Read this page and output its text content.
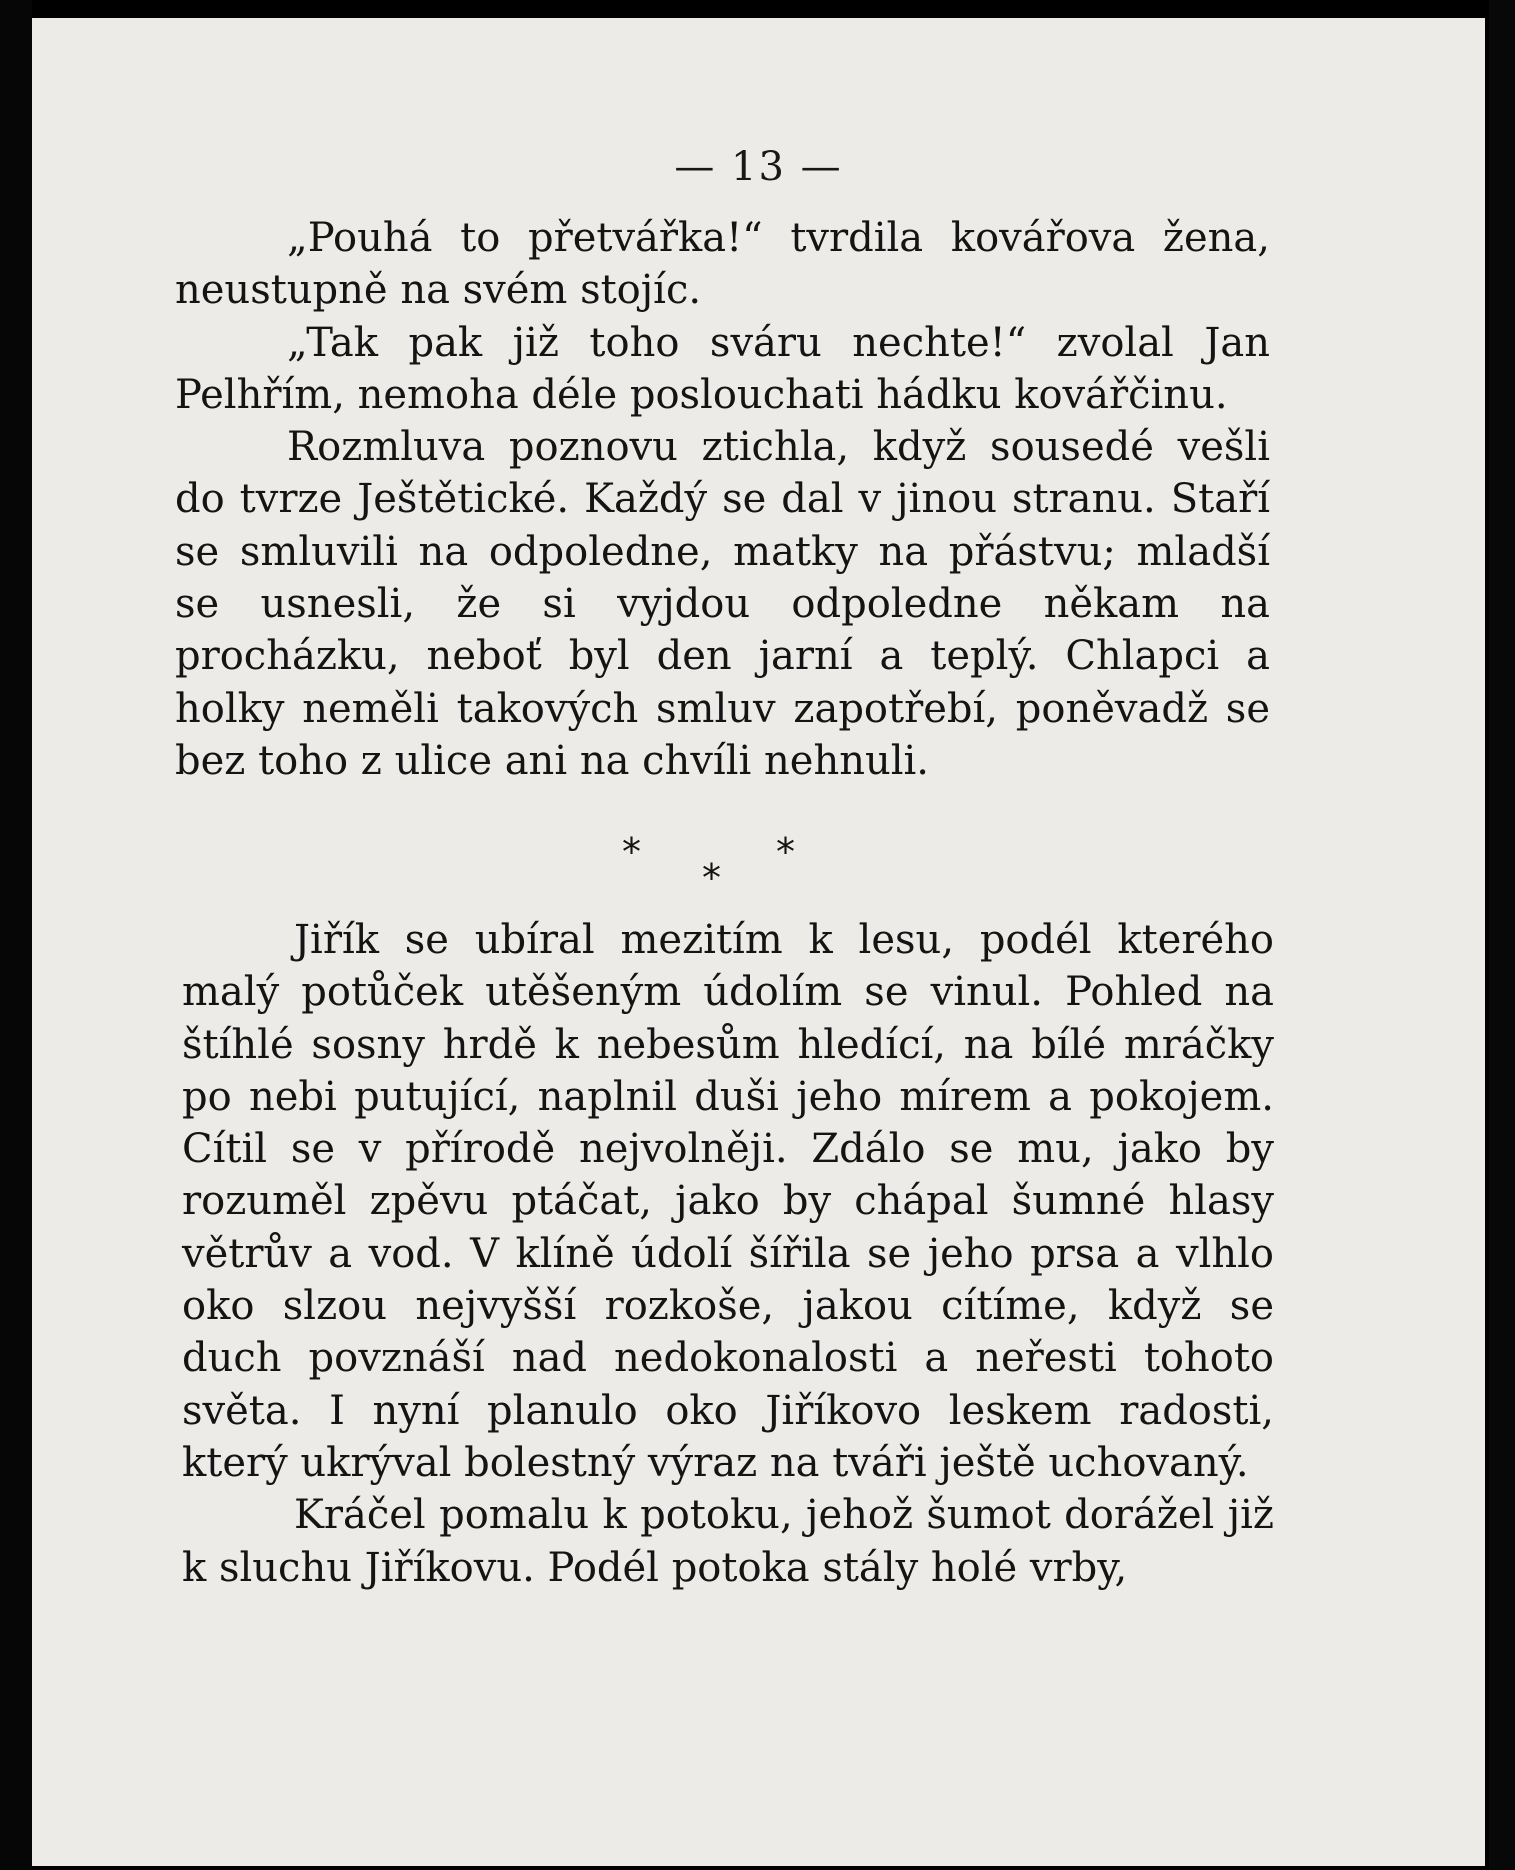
— 13 —

„Pouhá to přetvářka!“ tvrdila kovářova žena, neustupně na svém stojíc.

„Tak pak již toho sváru nechte!“ zvolal Jan Pelhřím, nemoha déle poslouchati hádku kovářčinu.

Rozmluva poznovu ztichla, když sousedé vešli do tvrze Ještětické. Každý se dal v jinou stranu. Staří se smluvili na odpoledne, matky na přástvu; mladší se usnesli, že si vyjdou odpoledne někam na procházku, neboť byl den jarní a teplý. Chlapci a holky neměli takových smluv zapotřebí, poněvadž se bez toho z ulice ani na chvíli nehnuli.

*
*
*

Jiřík se ubíral mezitím k lesu, podél kterého malý potůček utěšeným údolím se vinul. Pohled na štíhlé sosny hrdě k nebesům hledící, na bílé mráčky po nebi putující, naplnil duši jeho mírem a pokojem. Cítil se v přírodě nejvolněji. Zdálo se mu, jako by rozuměl zpěvu ptáčat, jako by chápal šumné hlasy větrův a vod. V klíně údolí šířila se jeho prsa a vlhlo oko slzou nejvyšší rozkoše, jakou cítíme, když se duch povznáší nad nedokonalosti a neřesti tohoto světa. I nyní planulo oko Jiříkovo leskem radosti, který ukrýval bolestný výraz na tváři ještě uchovaný.

Kráčel pomalu k potoku, jehož šumot dorážel již k sluchu Jiříkovu. Podél potoka stály holé vrby,
